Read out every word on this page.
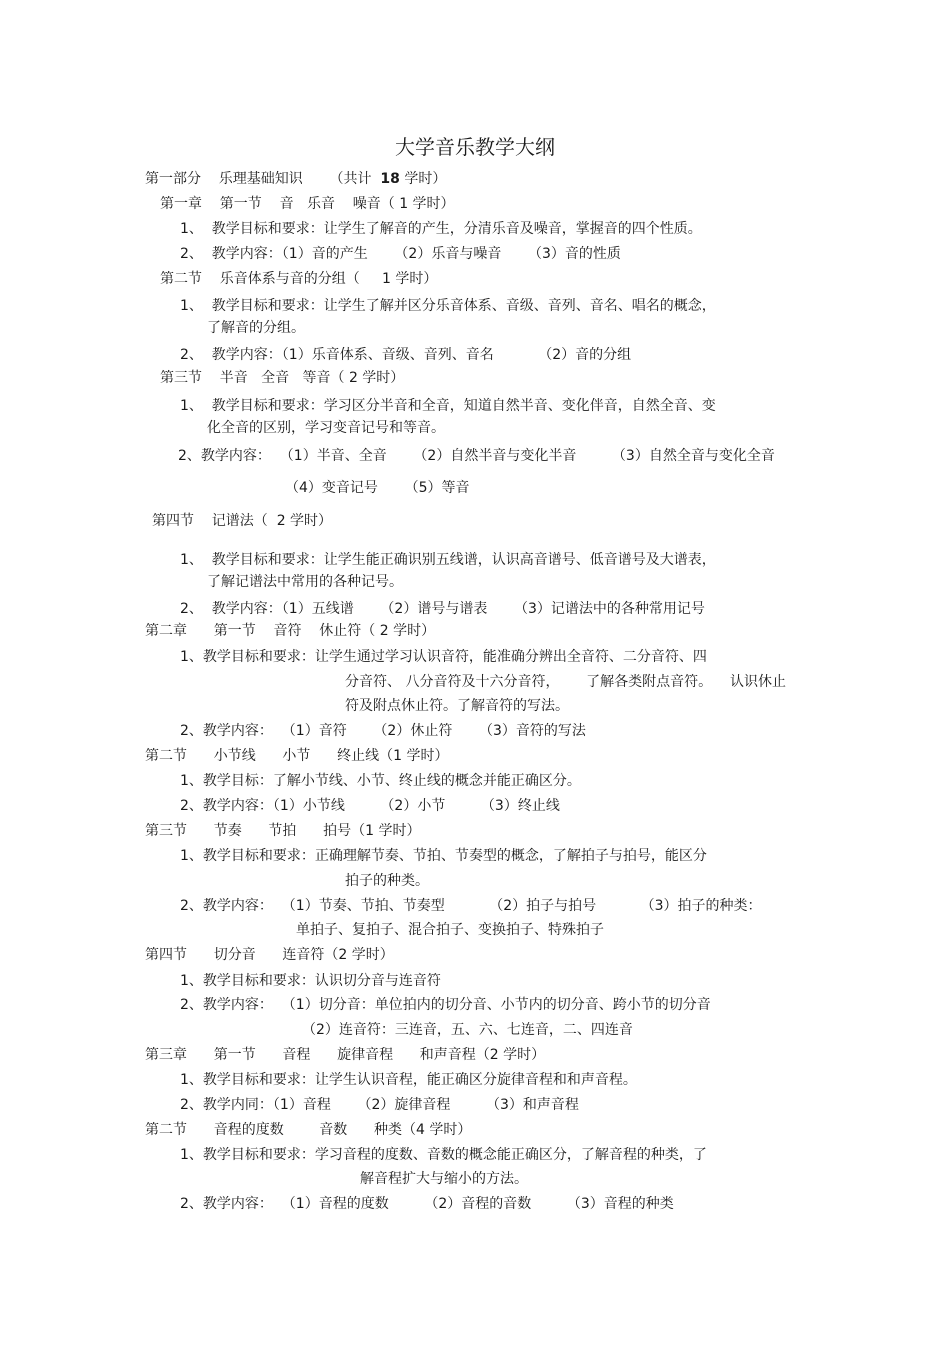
大学音乐教学大纲
第一部分    乐理基础知识      （共计  18 学时）
第一章    第一节    音   乐音    噪音（ 1 学时）
1、  教学目标和要求：让学生了解音的产生，分清乐音及噪音，掌握音的四个性质。
2、  教学内容：（1）音的产生      （2）乐音与噪音      （3）音的性质
第二节    乐音体系与音的分组（     1 学时）
1、  教学目标和要求：让学生了解并区分乐音体系、音级、音列、音名、唱名的概念，
了解音的分组。
2、  教学内容：（1）乐音体系、音级、音列、音名          （2）音的分组
第三节    半音   全音   等音（ 2 学时）
1、  教学目标和要求：学习区分半音和全音，知道自然半音、变化伴音，自然全音、变
化全音的区别，学习变音记号和等音。
2、教学内容：  （1）半音、全音      （2）自然半音与变化半音        （3）自然全音与变化全音
（4）变音记号      （5）等音
第四节    记谱法（  2 学时）
1、  教学目标和要求：让学生能正确识别五线谱，认识高音谱号、低音谱号及大谱表，
了解记谱法中常用的各种记号。
2、  教学内容：（1）五线谱      （2）谱号与谱表      （3）记谱法中的各种常用记号
第二章      第一节    音符    休止符（ 2 学时）
1、教学目标和要求：让学生通过学习认识音符，能准确分辨出全音符、二分音符、四
分音符、 八分音符及十六分音符，      了解各类附点音符。    认识休止
符及附点休止符。了解音符的写法。
2、教学内容：  （1）音符      （2）休止符      （3）音符的写法
第二节      小节线      小节      终止线（1 学时）
1、教学目标：了解小节线、小节、终止线的概念并能正确区分。
2、教学内容：（1）小节线        （2）小节        （3）终止线
第三节      节奏      节拍      拍号（1 学时）
1、教学目标和要求：正确理解节奏、节拍、节奏型的概念，了解拍子与拍号，能区分
拍子的种类。
2、教学内容：  （1）节奏、节拍、节奏型          （2）拍子与拍号          （3）拍子的种类：
单拍子、复拍子、混合拍子、变换拍子、特殊拍子
第四节      切分音      连音符（2 学时）
1、教学目标和要求：认识切分音与连音符
2、教学内容：  （1）切分音：单位拍内的切分音、小节内的切分音、跨小节的切分音
（2）连音符：三连音，五、六、七连音，二、四连音
第三章      第一节      音程      旋律音程      和声音程（2 学时）
1、教学目标和要求：让学生认识音程，能正确区分旋律音程和和声音程。
2、教学内同：（1）音程      （2）旋律音程        （3）和声音程
第二节      音程的度数        音数      种类（4 学时）
1、教学目标和要求：学习音程的度数、音数的概念能正确区分，了解音程的种类，了
解音程扩大与缩小的方法。
2、教学内容：  （1）音程的度数        （2）音程的音数        （3）音程的种类
